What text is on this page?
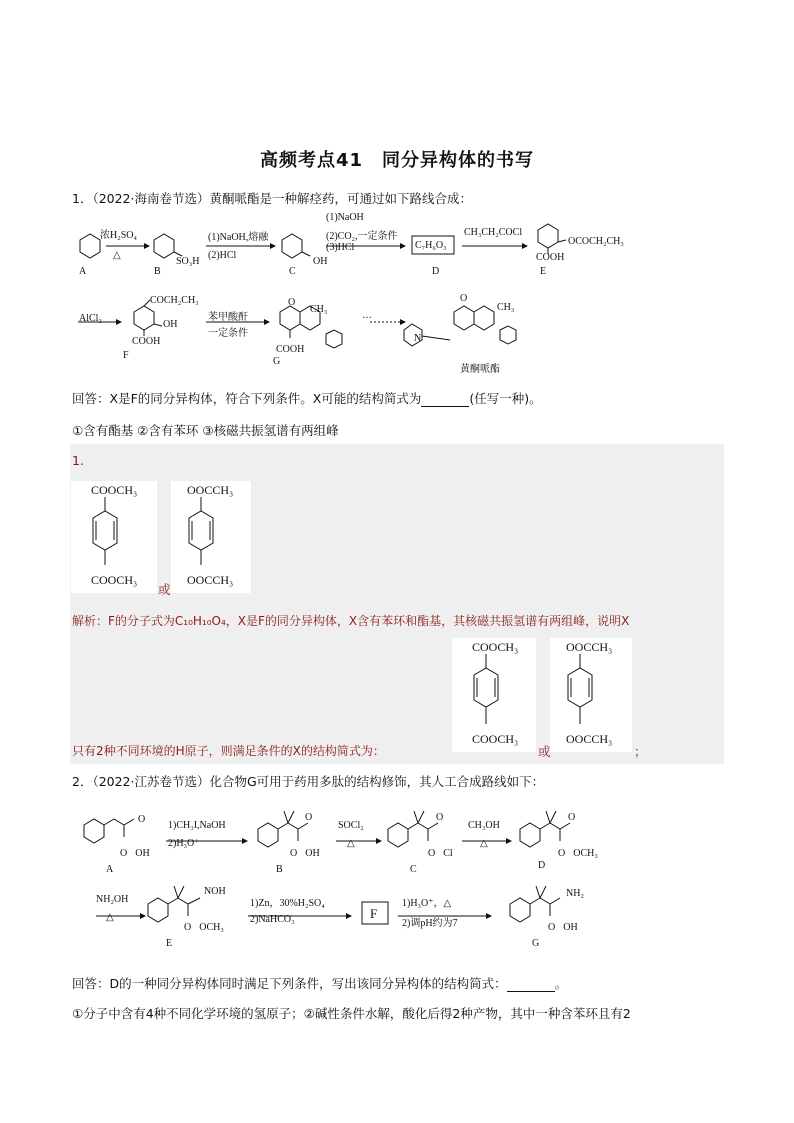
高频考点41　同分异构体的书写
1．（2022·海南卷节选）黄酮哌酯是一种解痉药，可通过如下路线合成：
A	B	C	D	E
浓H₂SO₄
△
SO₃H
(1)NaOH,熔融
(2)HCl
OH
(1)NaOH
(2)CO₂,一定条件
(3)HCl	C₇H₆O₃
CH₃CH₂COCl
OCOCH₂CH₃
COOH
AlCl₃
COCH₂CH₃
OH
COOH
F
苯甲酸酐
一定条件
O
CH₃
COOH
G
···
O
CH₃
N
黄酮哌酯
回答：X是F的同分异构体，符合下列条件。X可能的结构简式为	(任写一种)。
①含有酯基 ②含有苯环 ③核磁共振氢谱有两组峰
1.
COOCH₃
COOCH₃
或
OOCCH₃
OOCCH₃
解析：F的分子式为C₁₀H₁₀O₄，X是F的同分异构体，X含有苯环和酯基，其核磁共振氢谱有两组峰，说明X
COOCH₃
COOCH₃
OOCCH₃
OOCCH₃
只有2种不同环境的H原子，则满足条件的X的结构简式为：	或	；
2．（2022·江苏卷节选）化合物G可用于药用多肽的结构修饰，其人工合成路线如下：
A
O
O OH
1)CH₃I,NaOH
2)H₃O⁺
B
O
O OH
SOCl₂
△
C
O
O Cl
CH₃OH
△
D
O
O OCH₃
NH₂OH
△
NOH
O OCH₃
E
1)Zn，30%H₂SO₄
2)NaHCO₃	F
1)H₃O⁺，△
2)调pH约为7
NH₂
O OH
G
回答：D的一种同分异构体同时满足下列条件，写出该同分异构体的结构简式：	。
①分子中含有4种不同化学环境的氢原子；②碱性条件水解，酸化后得2种产物，其中一种含苯环且有2
